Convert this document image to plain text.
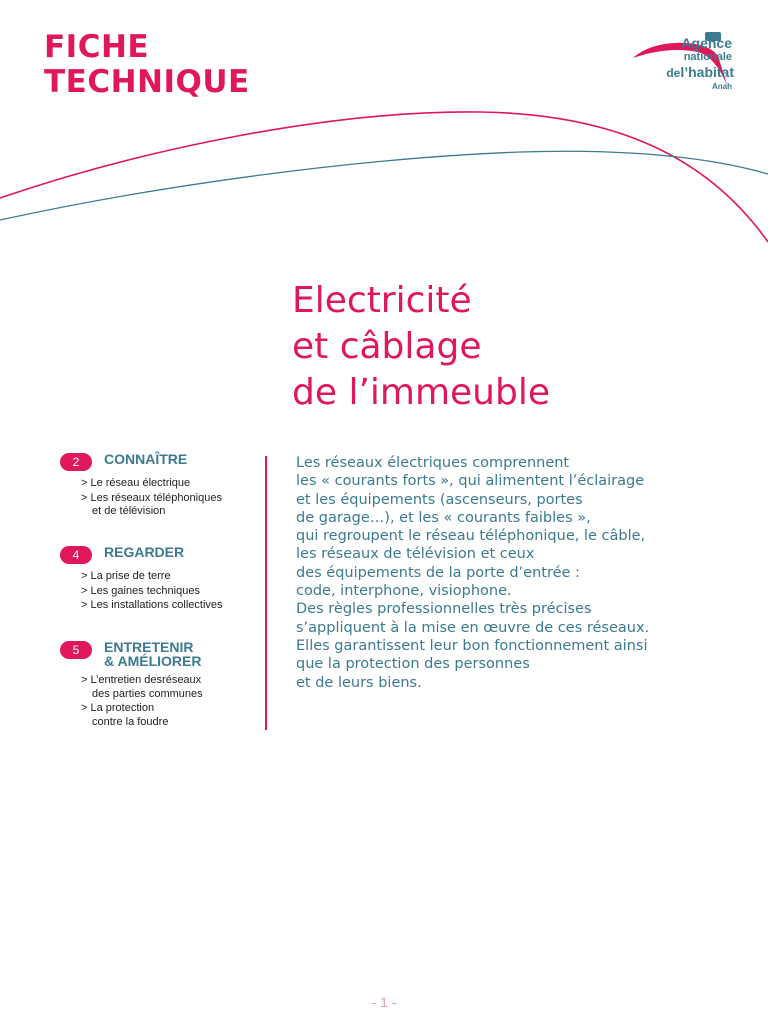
FICHE
TECHNIQUE
Agence
nationale
del’habitat
Anah
Electricité
et câblage
de l’immeuble
2	CONNAÎTRE
> Le réseau électrique
> Les réseaux téléphoniques
et de télévision
4	REGARDER
> La prise de terre
> Les gaines techniques
> Les installations collectives
5	ENTRETENIR
& AMÉLIORER
> L’entretien desréseaux
des parties communes
> La protection
contre la foudre

Les réseaux électriques comprennent
les « courants forts », qui alimentent l’éclairage
et les équipements (ascenseurs, portes
de garage…), et les « courants faibles »,
qui regroupent le réseau téléphonique, le câble,
les réseaux de télévision et ceux
des équipements de la porte d’entrée :
code, interphone, visiophone.
Des règles professionnelles très précises
s’appliquent à la mise en œuvre de ces réseaux.
Elles garantissent leur bon fonctionnement ainsi
que la protection des personnes
et de leurs biens.

- 1 -
